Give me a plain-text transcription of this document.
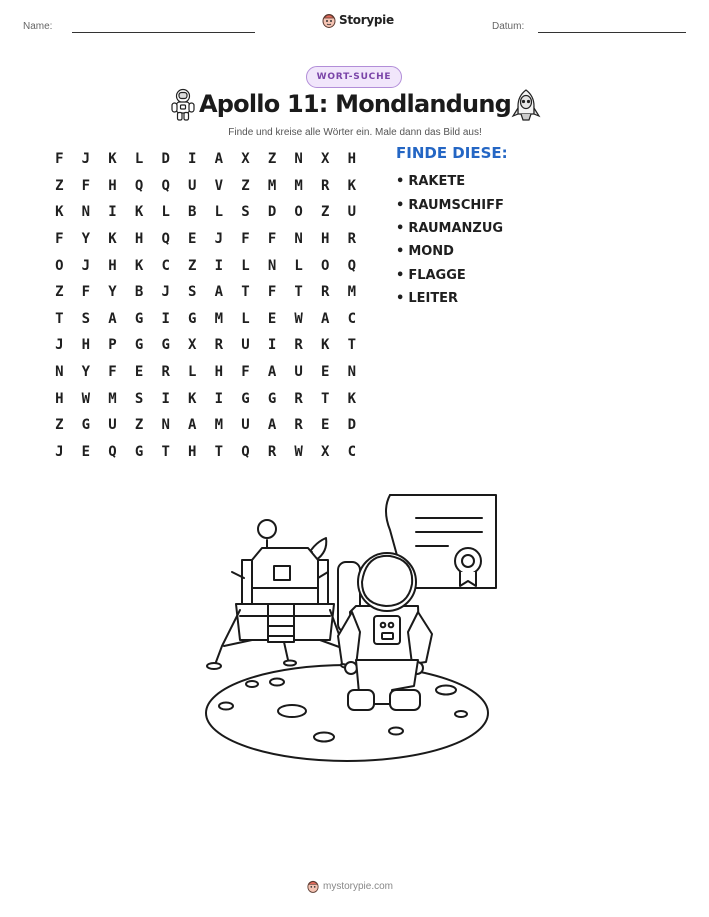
Name:	Datum:
Storypie
WORT-SUCHE
Apollo 11: Mondlandung
Finde und kreise alle Wörter ein. Male dann das Bild aus!
F	J	K	L	D	I	A	X	Z	N	X	H
Z	F	H	Q	Q	U	V	Z	M	M	R	K
K	N	I	K	L	B	L	S	D	O	Z	U
F	Y	K	H	Q	E	J	F	F	N	H	R
O	J	H	K	C	Z	I	L	N	L	O	Q
Z	F	Y	B	J	S	A	T	F	T	R	M
T	S	A	G	I	G	M	L	E	W	A	C
J	H	P	G	G	X	R	U	I	R	K	T
N	Y	F	E	R	L	H	F	A	U	E	N
H	W	M	S	I	K	I	G	G	R	T	K
Z	G	U	Z	N	A	M	U	A	R	E	D
J	E	Q	G	T	H	T	Q	R	W	X	C
FINDE DIESE:
• RAKETE
• RAUMSCHIFF
• RAUMANZUG
• MOND
• FLAGGE
• LEITER
mystorypie.com
